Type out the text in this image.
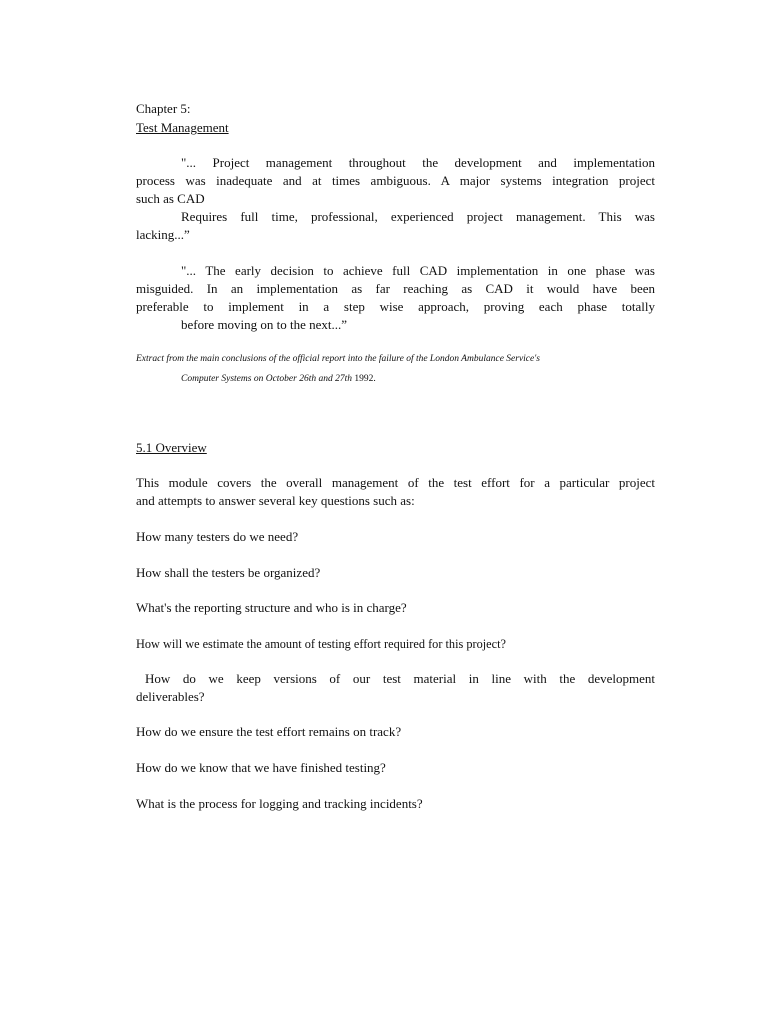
Chapter 5:
Test Management
"... Project management throughout the development and implementation
process was inadequate and at times ambiguous. A major systems integration project
such as CAD
Requires full time, professional, experienced project management. This was
lacking...”
"... The early decision to achieve full CAD implementation in one phase was
misguided. In an implementation as far reaching as CAD it would have been
preferable to implement in a step wise approach, proving each phase totally
before moving on to the next...”
Extract from the main conclusions of the official report into the failure of the London Ambulance Service's
Computer Systems on October 26th and 27th 1992.
5.1 Overview
This module covers the overall management of the test effort for a particular project
and attempts to answer several key questions such as:
How many testers do we need?
How shall the testers be organized?
What's the reporting structure and who is in charge?
How will we estimate the amount of testing effort required for this project?
How do we keep versions of our test material in line with the development
deliverables?
How do we ensure the test effort remains on track?
How do we know that we have finished testing?
What is the process for logging and tracking incidents?
